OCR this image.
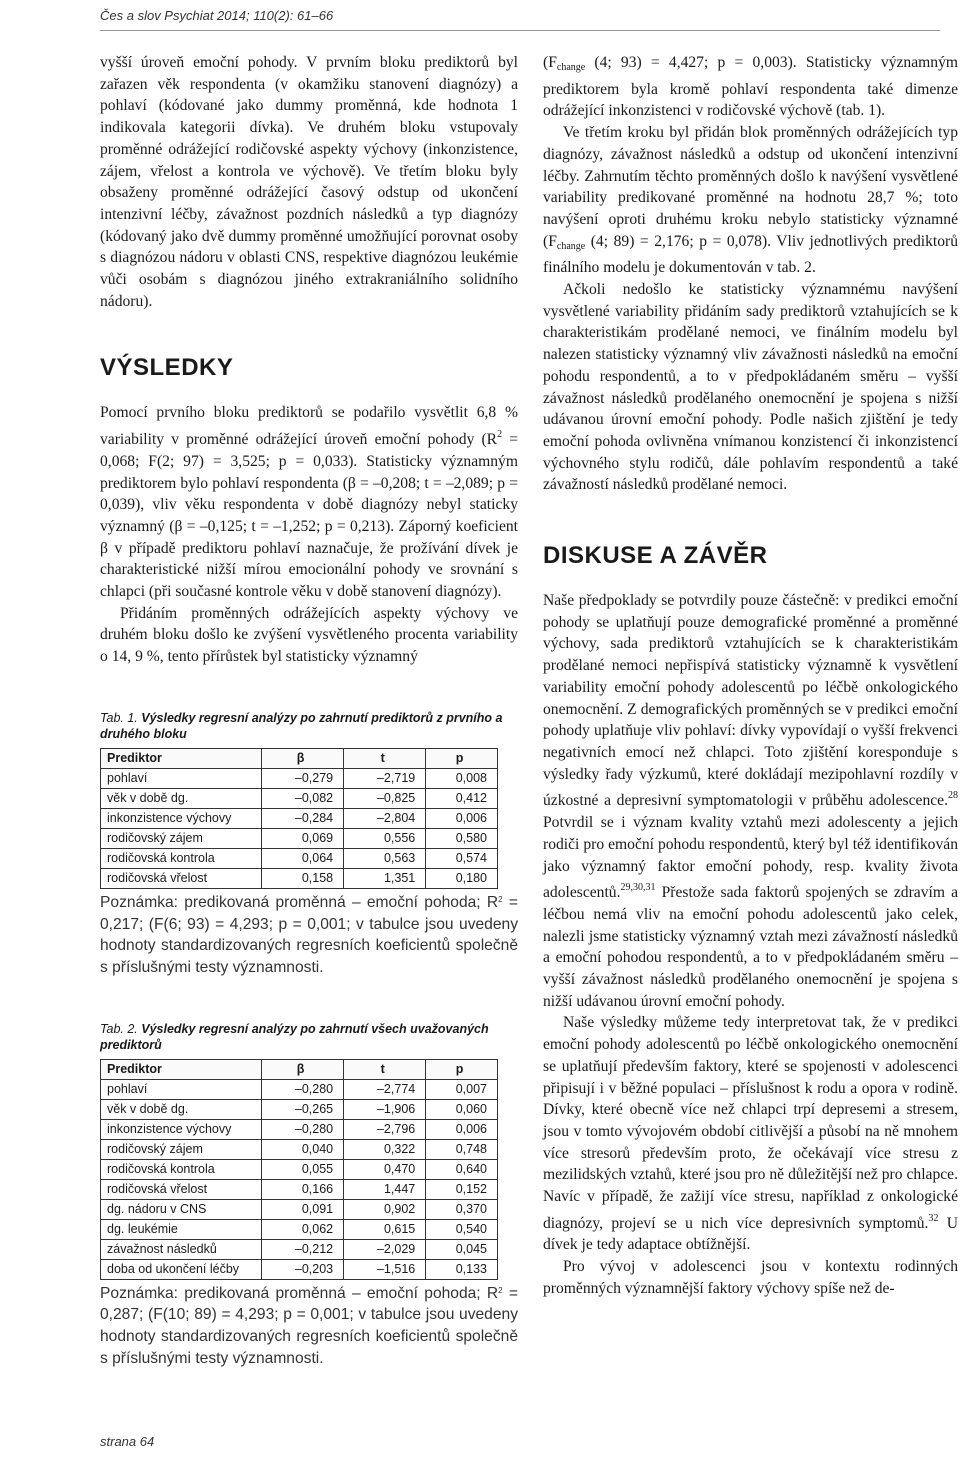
Čes a slov Psychiat 2014; 110(2): 61–66

vyšší úroveň emoční pohody. V prvním bloku prediktorů byl zařazen věk respondenta (v okamžiku stanovení diagnózy) a pohlaví (kódované jako dummy proměnná, kde hodnota 1 indikovala kategorii dívka). Ve druhém bloku vstupovaly proměnné odrážející rodičovské aspekty výchovy (inkonzistence, zájem, vřelost a kontrola ve výchově). Ve třetím bloku byly obsaženy proměnné odrážející časový odstup od ukončení intenzivní léčby, závažnost pozdních následků a typ diagnózy (kódovaný jako dvě dummy proměnné umožňující porovnat osoby s diagnózou nádoru v oblasti CNS, respektive diagnózou leukémie vůči osobám s diagnózou jiného extrakraniálního solidního nádoru).

VÝSLEDKY

Pomocí prvního bloku prediktorů se podařilo vysvětlit 6,8 % variability v proměnné odrážející úroveň emoční pohody ($R^2 = 0,068$; F(2; 97) = 3,525; p = 0,033). Statisticky významným prediktorem bylo pohlaví respondenta (β = –0,208; t = –2,089; p = 0,039), vliv věku respondenta v době diagnózy nebyl staticky významný (β = –0,125; t = –1,252; p = 0,213). Záporný koeficient β v případě prediktoru pohlaví naznačuje, že prožívání dívek je charakteristické nižší mírou emocionální pohody ve srovnání s chlapci (při současné kontrole věku v době stanovení diagnózy).

Přidáním proměnných odrážejících aspekty výchovy ve druhém bloku došlo ke zvýšení vysvětleného procenta variability o 14, 9 %, tento přírůstek byl statisticky významný

Tab. 1. Výsledky regresní analýzy po zahrnutí prediktorů z prvního a druhého bloku
Prediktor	β	t	p
pohlaví	–0,279	–2,719	0,008
věk v době dg.	–0,082	–0,825	0,412
inkonzistence výchovy	–0,284	–2,804	0,006
rodičovský zájem	0,069	0,556	0,580
rodičovská kontrola	0,064	0,563	0,574
rodičovská vřelost	0,158	1,351	0,180

Poznámka: predikovaná proměnná – emoční pohoda; $R^2 = 0,217$; (F(6; 93) = 4,293; p = 0,001; v tabulce jsou uvedeny hodnoty standardizovaných regresních koeficientů společně s příslušnými testy významnosti.

Tab. 2. Výsledky regresní analýzy po zahrnutí všech uvažovaných prediktorů
Prediktor	β	t	p
pohlaví	–0,280	–2,774	0,007
věk v době dg.	–0,265	–1,906	0,060
inkonzistence výchovy	–0,280	–2,796	0,006
rodičovský zájem	0,040	0,322	0,748
rodičovská kontrola	0,055	0,470	0,640
rodičovská vřelost	0,166	1,447	0,152
dg. nádoru v CNS	0,091	0,902	0,370
dg. leukémie	0,062	0,615	0,540
závažnost následků	–0,212	–2,029	0,045
doba od ukončení léčby	–0,203	–1,516	0,133

Poznámka: predikovaná proměnná – emoční pohoda; $R^2 = 0,287$; (F(10; 89) = 4,293; p = 0,001; v tabulce jsou uvedeny hodnoty standardizovaných regresních koeficientů společně s příslušnými testy významnosti.

($F_{change}$ (4; 93) = 4,427; p = 0,003). Statisticky významným prediktorem byla kromě pohlaví respondenta také dimenze odrážející inkonzistenci v rodičovské výchově (tab. 1).

Ve třetím kroku byl přidán blok proměnných odrážejících typ diagnózy, závažnost následků a odstup od ukončení intenzivní léčby. Zahrnutím těchto proměnných došlo k navýšení vysvětlené variability predikované proměnné na hodnotu 28,7 %; toto navýšení oproti druhému kroku nebylo statisticky významné ($F_{change}$ (4; 89) = 2,176; p = 0,078). Vliv jednotlivých prediktorů finálního modelu je dokumentován v tab. 2.

Ačkoli nedošlo ke statisticky významnému navýšení vysvětlené variability přidáním sady prediktorů vztahujících se k charakteristikám prodělané nemoci, ve finálním modelu byl nalezen statisticky významný vliv závažnosti následků na emoční pohodu respondentů, a to v předpokládaném směru – vyšší závažnost následků prodělaného onemocnění je spojena s nižší udávanou úrovní emoční pohody. Podle našich zjištění je tedy emoční pohoda ovlivněna vnímanou konzistencí či inkonzistencí výchovného stylu rodičů, dále pohlavím respondentů a také závažností následků prodělané nemoci.

DISKUSE A ZÁVĚR

Naše předpoklady se potvrdily pouze částečně: v predikci emoční pohody se uplatňují pouze demografické proměnné a proměnné výchovy, sada prediktorů vztahujících se k charakteristikám prodělané nemoci nepřispívá statisticky významně k vysvětlení variability emoční pohody adolescentů po léčbě onkologického onemocnění. Z demografických proměnných se v predikci emoční pohody uplatňuje vliv pohlaví: dívky vypovídají o vyšší frekvenci negativních emocí než chlapci. Toto zjištění koresponduje s výsledky řady výzkumů, které dokládají mezipohlavní rozdíly v úzkostné a depresivní symptomatologii v průběhu adolescence.$^{28}$ Potvrdil se i význam kvality vztahů mezi adolescenty a jejich rodiči pro emoční pohodu respondentů, který byl též identifikován jako významný faktor emoční pohody, resp. kvality života adolescentů.$^{29,30,31}$ Přestože sada faktorů spojených se zdravím a léčbou nemá vliv na emoční pohodu adolescentů jako celek, nalezli jsme statisticky významný vztah mezi závažností následků a emoční pohodou respondentů, a to v předpokládaném směru – vyšší závažnost následků prodělaného onemocnění je spojena s nižší udávanou úrovní emoční pohody.

Naše výsledky můžeme tedy interpretovat tak, že v predikci emoční pohody adolescentů po léčbě onkologického onemocnění se uplatňují především faktory, které se spojenosti v adolescenci připisují i v běžné populaci – příslušnost k rodu a opora v rodině. Dívky, které obecně více než chlapci trpí depresemi a stresem, jsou v tomto vývojovém období citlivější a působí na ně mnohem více stresorů především proto, že očekávají více stresu z mezilidských vztahů, které jsou pro ně důležitější než pro chlapce. Navíc v případě, že zažijí více stresu, například z onkologické diagnózy, projeví se u nich více depresivních symptomů.$^{32}$ U dívek je tedy adaptace obtížnější.

Pro vývoj v adolescenci jsou v kontextu rodinných proměnných významnější faktory výchovy spíše než de-

strana 64
